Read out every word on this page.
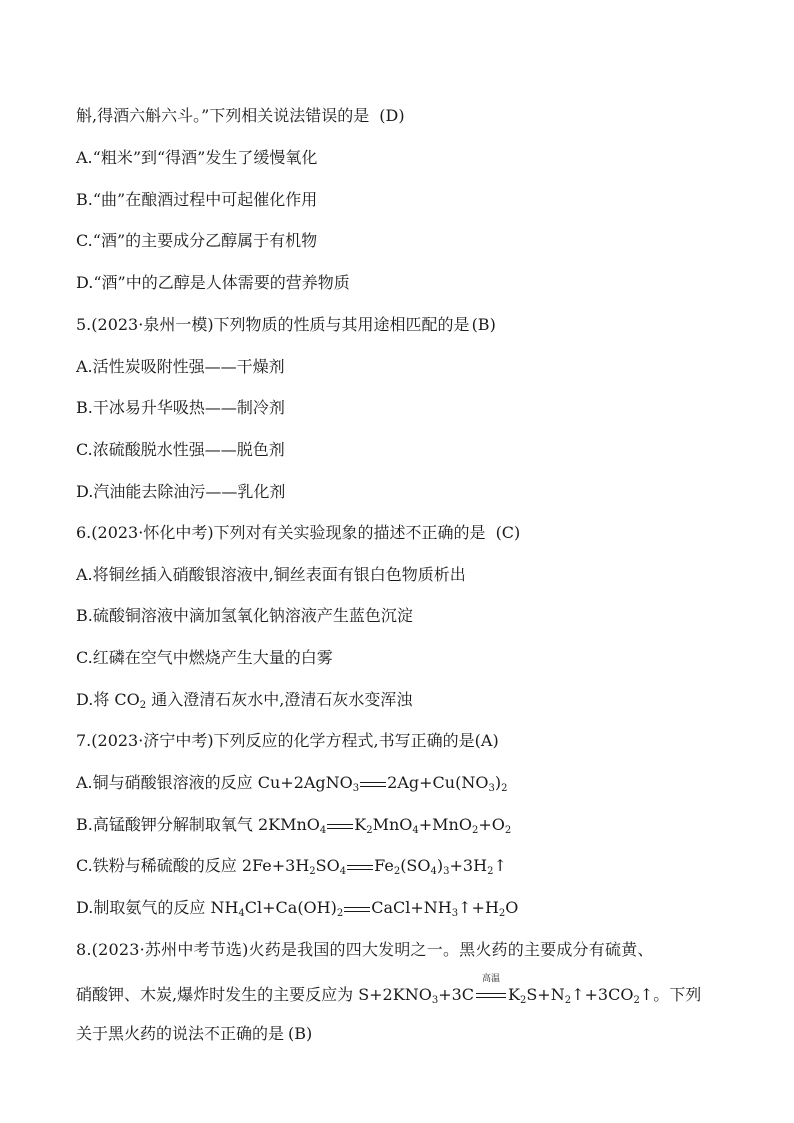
斛,得酒六斛六斗。”下列相关说法错误的是 (D)
A.“粗米”到“得酒”发生了缓慢氧化
B.“曲”在酿酒过程中可起催化作用
C.“酒”的主要成分乙醇属于有机物
D.“酒”中的乙醇是人体需要的营养物质
5.(2023·泉州一模)下列物质的性质与其用途相匹配的是 (B)
A.活性炭吸附性强——干燥剂
B.干冰易升华吸热——制冷剂
C.浓硫酸脱水性强——脱色剂
D.汽油能去除油污——乳化剂
6.(2023·怀化中考)下列对有关实验现象的描述不正确的是 (C)
A.将铜丝插入硝酸银溶液中,铜丝表面有银白色物质析出
B.硫酸铜溶液中滴加氢氧化钠溶液产生蓝色沉淀
C.红磷在空气中燃烧产生大量的白雾
D.将 $CO_2$ 通入澄清石灰水中,澄清石灰水变浑浊
7.(2023·济宁中考)下列反应的化学方程式,书写正确的是(A)
A.铜与硝酸银溶液的反应 Cu+2AgNO$_3$ $2Ag+Cu(NO_3)_2$
B.高锰酸钾分解制取氧气 2KMnO$_4$ $K_2MnO_4+MnO_2+O_2$
C.铁粉与稀硫酸的反应 $2Fe+3H_2SO_4$ $Fe_2(SO_4)_3+3H_2↑$
D.制取氨气的反应 $NH_4Cl+Ca(OH)_2$ $CaCl+NH_3↑+H_2O$
8.(2023·苏州中考节选)火药是我国的四大发明之一。黑火药的主要成分有硫黄、
硝酸钾、木炭,爆炸时发生的主要反应为 $S+2KNO_3+3C$
高温
$K_2S+N_2↑+3CO_2↑$。下列
关于黑火药的说法不正确的是 (B)
